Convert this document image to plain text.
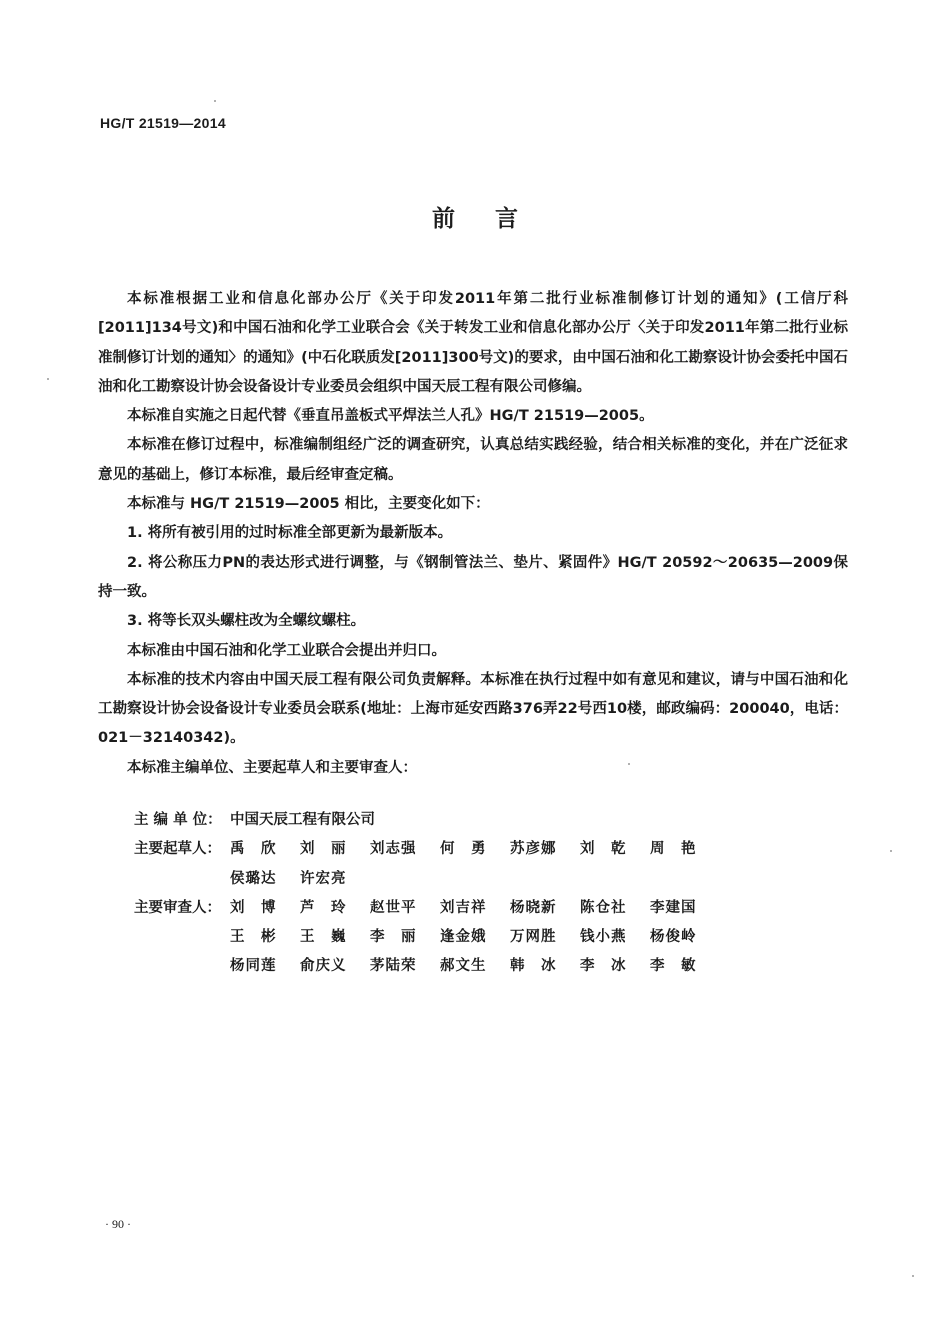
HG/T 21519—2014
前言

本标准根据工业和信息化部办公厅《关于印发2011年第二批行业标准制修订计划的通知》(工信厅科[2011]134号文)和中国石油和化学工业联合会《关于转发工业和信息化部办公厅〈关于印发2011年第二批行业标准制修订计划的通知〉的通知》(中石化联质发[2011]300号文)的要求，由中国石油和化工勘察设计协会委托中国石油和化工勘察设计协会设备设计专业委员会组织中国天辰工程有限公司修编。

本标准自实施之日起代替《垂直吊盖板式平焊法兰人孔》HG/T 21519—2005。

本标准在修订过程中，标准编制组经广泛的调查研究，认真总结实践经验，结合相关标准的变化，并在广泛征求意见的基础上，修订本标准，最后经审查定稿。

本标准与 HG/T 21519—2005 相比，主要变化如下：

1. 将所有被引用的过时标准全部更新为最新版本。

2. 将公称压力PN的表达形式进行调整，与《钢制管法兰、垫片、紧固件》HG/T 20592～20635—2009保持一致。

3. 将等长双头螺柱改为全螺纹螺柱。

本标准由中国石油和化学工业联合会提出并归口。

本标准的技术内容由中国天辰工程有限公司负责解释。本标准在执行过程中如有意见和建议，请与中国石油和化工勘察设计协会设备设计专业委员会联系(地址：上海市延安西路376弄22号西10楼，邮政编码：200040，电话：021－32140342)。

本标准主编单位、主要起草人和主要审查人：

主 编 单 位： 中国天辰工程有限公司
主要起草人： 禹　欣	刘　丽	刘志强	何　勇	苏彦娜	刘　乾	周　艳
侯璐达	许宏亮
主要审查人： 刘　博	芦　玲	赵世平	刘吉祥	杨晓新	陈仓社	李建国
王　彬	王　巍	李　丽	逢金娥	万网胜	钱小燕	杨俊岭
杨同莲	俞庆义	茅陆荣	郝文生	韩　冰	李　冰	李　敏
· 90 ·
